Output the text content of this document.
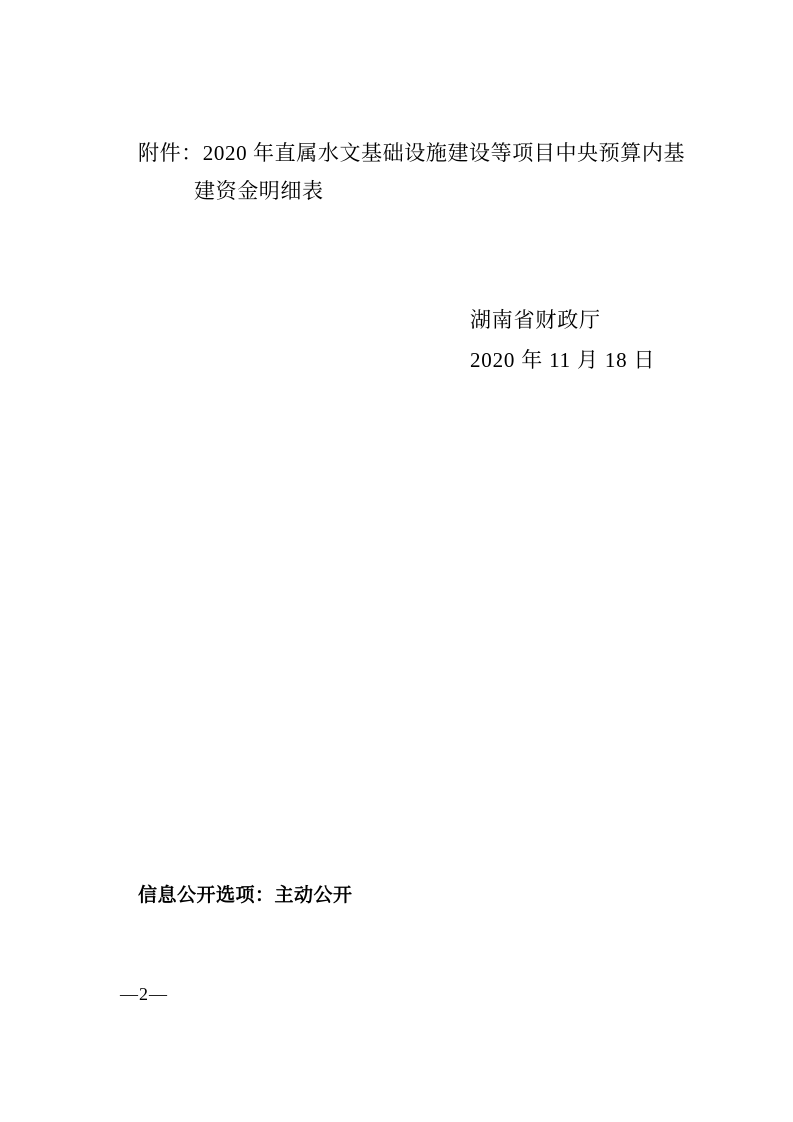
附件：2020 年直属水文基础设施建设等项目中央预算内基
建资金明细表
湖南省财政厅
2020 年 11 月 18 日
信息公开选项：主动公开
—2—
